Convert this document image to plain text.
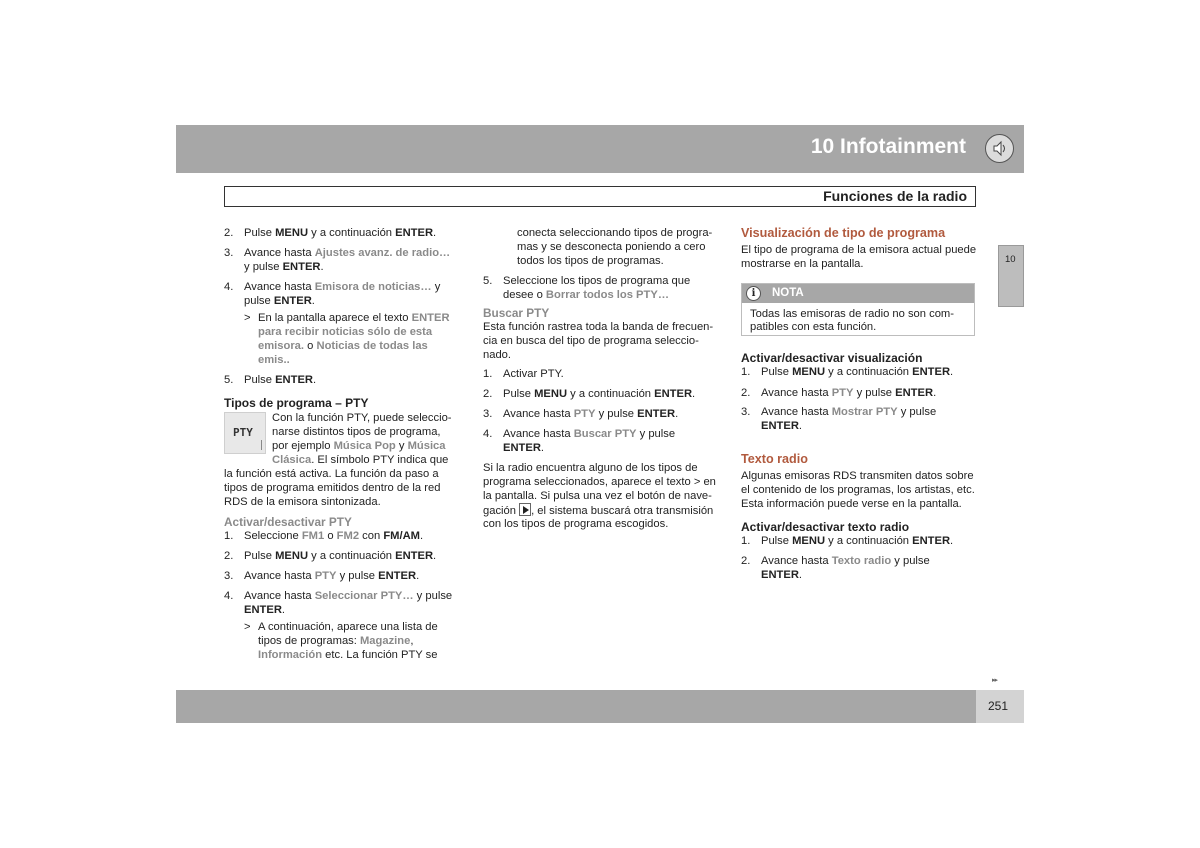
10 Infotainment
Funciones de la radio
10
2. Pulse MENU y a continuación ENTER.
3. Avance hasta Ajustes avanz. de radio…
y pulse ENTER.
4. Avance hasta Emisora de noticias… y
pulse ENTER.
> En la pantalla aparece el texto ENTER
para recibir noticias sólo de esta
emisora. o Noticias de todas las
emis..
5. Pulse ENTER.
Tipos de programa – PTY
PTY
Con la función PTY, puede seleccio-
narse distintos tipos de programa,
por ejemplo Música Pop y Música
Clásica. El símbolo PTY indica que
la función está activa. La función da paso a
tipos de programa emitidos dentro de la red
RDS de la emisora sintonizada.
Activar/desactivar PTY
1. Seleccione FM1 o FM2 con FM/AM.
2. Pulse MENU y a continuación ENTER.
3. Avance hasta PTY y pulse ENTER.
4. Avance hasta Seleccionar PTY… y pulse
ENTER.
> A continuación, aparece una lista de
tipos de programas: Magazine,
Información etc. La función PTY se
conecta seleccionando tipos de progra-
mas y se desconecta poniendo a cero
todos los tipos de programas.
5. Seleccione los tipos de programa que
desee o Borrar todos los PTY…
Buscar PTY
Esta función rastrea toda la banda de frecuen-
cia en busca del tipo de programa seleccio-
nado.
1. Activar PTY.
2. Pulse MENU y a continuación ENTER.
3. Avance hasta PTY y pulse ENTER.
4. Avance hasta Buscar PTY y pulse
ENTER.
Si la radio encuentra alguno de los tipos de
programa seleccionados, aparece el texto > en
la pantalla. Si pulsa una vez el botón de nave-
gación , el sistema buscará otra transmisión
con los tipos de programa escogidos.
Visualización de tipo de programa
El tipo de programa de la emisora actual puede
mostrarse en la pantalla.
i	NOTA
Todas las emisoras de radio no son com-
patibles con esta función.
Activar/desactivar visualización
1. Pulse MENU y a continuación ENTER.
2. Avance hasta PTY y pulse ENTER.
3. Avance hasta Mostrar PTY y pulse
ENTER.
Texto radio
Algunas emisoras RDS transmiten datos sobre
el contenido de los programas, los artistas, etc.
Esta información puede verse en la pantalla.
Activar/desactivar texto radio
1. Pulse MENU y a continuación ENTER.
2. Avance hasta Texto radio y pulse
ENTER.
▸▸
251
